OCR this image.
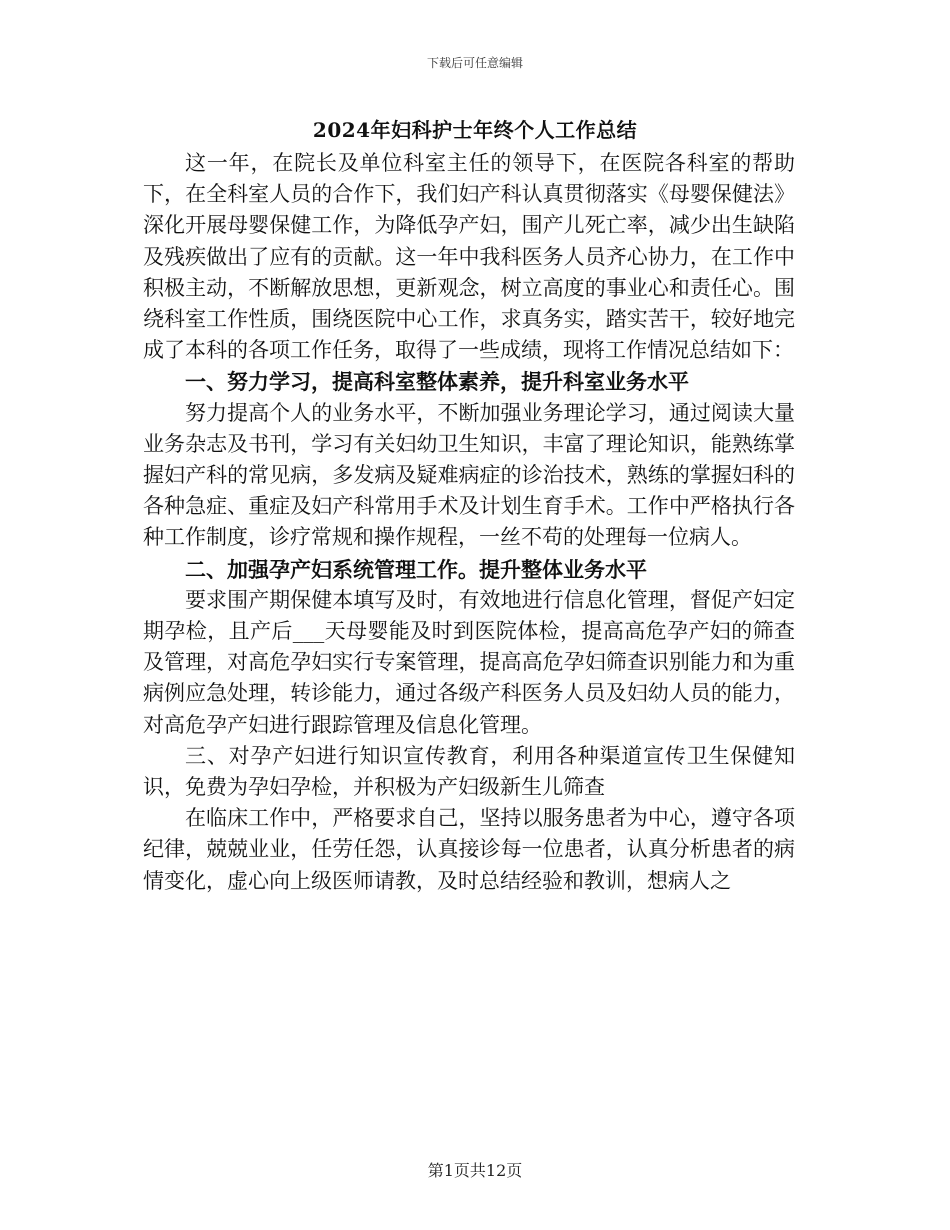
下载后可任意编辑
2024年妇科护士年终个人工作总结

这一年，在院长及单位科室主任的领导下，在医院各科室的帮助下，在全科室人员的合作下，我们妇产科认真贯彻落实《母婴保健法》深化开展母婴保健工作，为降低孕产妇，围产儿死亡率，减少出生缺陷及残疾做出了应有的贡献。这一年中我科医务人员齐心协力，在工作中积极主动，不断解放思想，更新观念，树立高度的事业心和责任心。围绕科室工作性质，围绕医院中心工作，求真务实，踏实苦干，较好地完成了本科的各项工作任务，取得了一些成绩，现将工作情况总结如下：

一、努力学习，提高科室整体素养，提升科室业务水平

努力提高个人的业务水平，不断加强业务理论学习，通过阅读大量业务杂志及书刊，学习有关妇幼卫生知识，丰富了理论知识，能熟练掌握妇产科的常见病，多发病及疑难病症的诊治技术，熟练的掌握妇科的各种急症、重症及妇产科常用手术及计划生育手术。工作中严格执行各种工作制度，诊疗常规和操作规程，一丝不苟的处理每一位病人。

二、加强孕产妇系统管理工作。提升整体业务水平

要求围产期保健本填写及时，有效地进行信息化管理，督促产妇定期孕检，且产后___天母婴能及时到医院体检，提高高危孕产妇的筛查及管理，对高危孕妇实行专案管理，提高高危孕妇筛查识别能力和为重病例应急处理，转诊能力，通过各级产科医务人员及妇幼人员的能力，对高危孕产妇进行跟踪管理及信息化管理。

三、对孕产妇进行知识宣传教育，利用各种渠道宣传卫生保健知识，免费为孕妇孕检，并积极为产妇级新生儿筛查

在临床工作中，严格要求自己，坚持以服务患者为中心，遵守各项纪律，兢兢业业，任劳任怨，认真接诊每一位患者，认真分析患者的病情变化，虚心向上级医师请教，及时总结经验和教训，想病人之

第1页共12页
